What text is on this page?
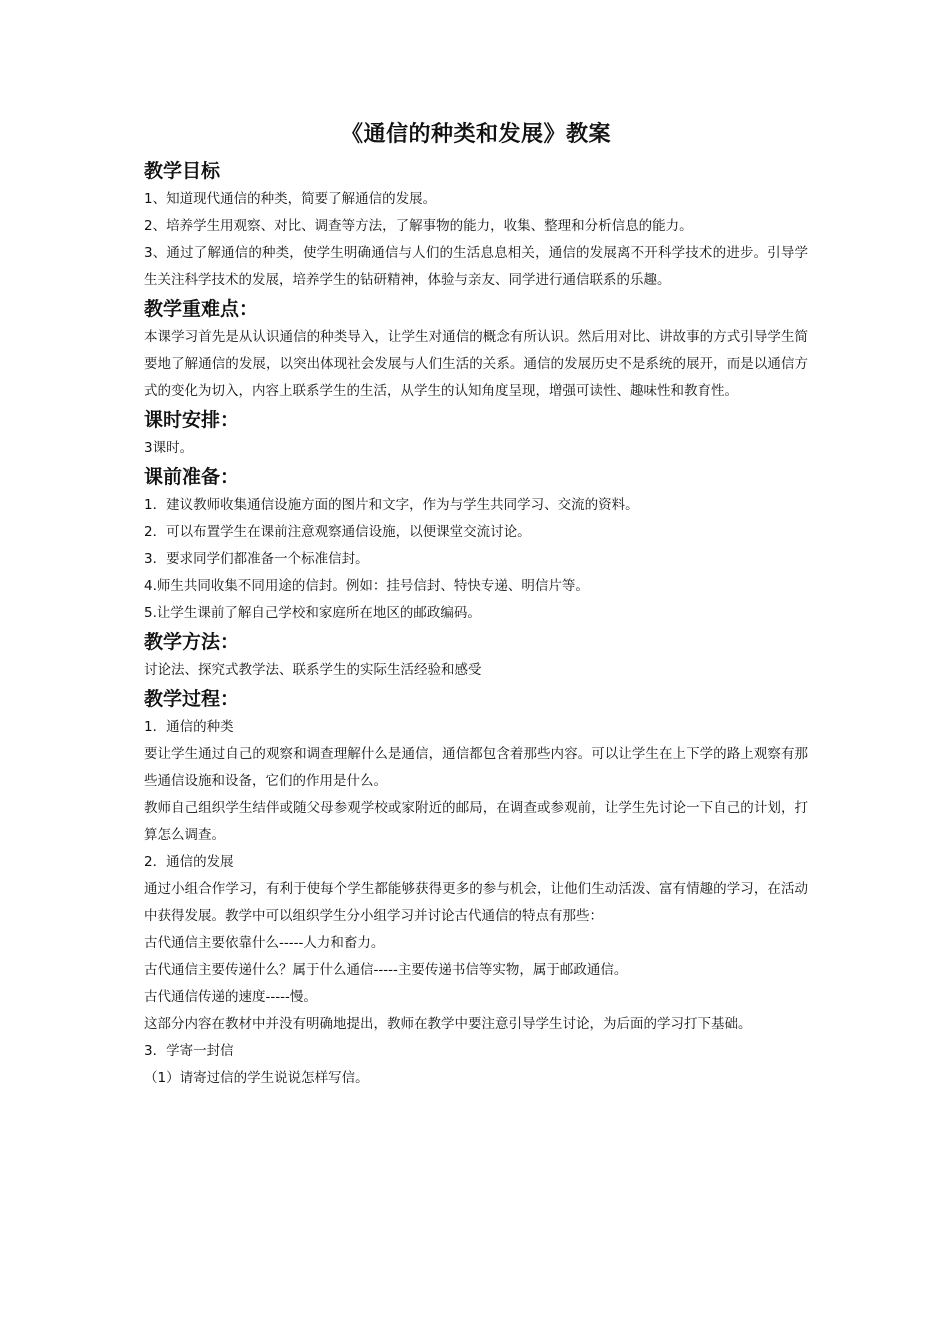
《通信的种类和发展》教案
教学目标

1、知道现代通信的种类，简要了解通信的发展。

2、培养学生用观察、对比、调查等方法，了解事物的能力，收集、整理和分析信息的能力。

3、通过了解通信的种类，使学生明确通信与人们的生活息息相关，通信的发展离不开科学技术的进步。引导学生关注科学技术的发展，培养学生的钻研精神，体验与亲友、同学进行通信联系的乐趣。

教学重难点：

本课学习首先是从认识通信的种类导入，让学生对通信的概念有所认识。然后用对比、讲故事的方式引导学生简要地了解通信的发展，以突出体现社会发展与人们生活的关系。通信的发展历史不是系统的展开，而是以通信方式的变化为切入，内容上联系学生的生活，从学生的认知角度呈现，增强可读性、趣味性和教育性。

课时安排：

3课时。

课前准备：

1．建议教师收集通信设施方面的图片和文字，作为与学生共同学习、交流的资料。

2．可以布置学生在课前注意观察通信设施，以便课堂交流讨论。

3．要求同学们都准备一个标准信封。

4.师生共同收集不同用途的信封。例如：挂号信封、特快专递、明信片等。

5.让学生课前了解自己学校和家庭所在地区的邮政编码。

教学方法：

讨论法、探究式教学法、联系学生的实际生活经验和感受

教学过程：

1．通信的种类

要让学生通过自己的观察和调查理解什么是通信，通信都包含着那些内容。可以让学生在上下学的路上观察有那些通信设施和设备，它们的作用是什么。

教师自己组织学生结伴或随父母参观学校或家附近的邮局，在调查或参观前，让学生先讨论一下自己的计划，打算怎么调查。

2．通信的发展

通过小组合作学习，有利于使每个学生都能够获得更多的参与机会，让他们生动活泼、富有情趣的学习，在活动中获得发展。教学中可以组织学生分小组学习并讨论古代通信的特点有那些：

古代通信主要依靠什么-----人力和畜力。

古代通信主要传递什么？属于什么通信-----主要传递书信等实物，属于邮政通信。

古代通信传递的速度-----慢。

这部分内容在教材中并没有明确地提出，教师在教学中要注意引导学生讨论，为后面的学习打下基础。

3．学寄一封信

（1）请寄过信的学生说说怎样写信。
